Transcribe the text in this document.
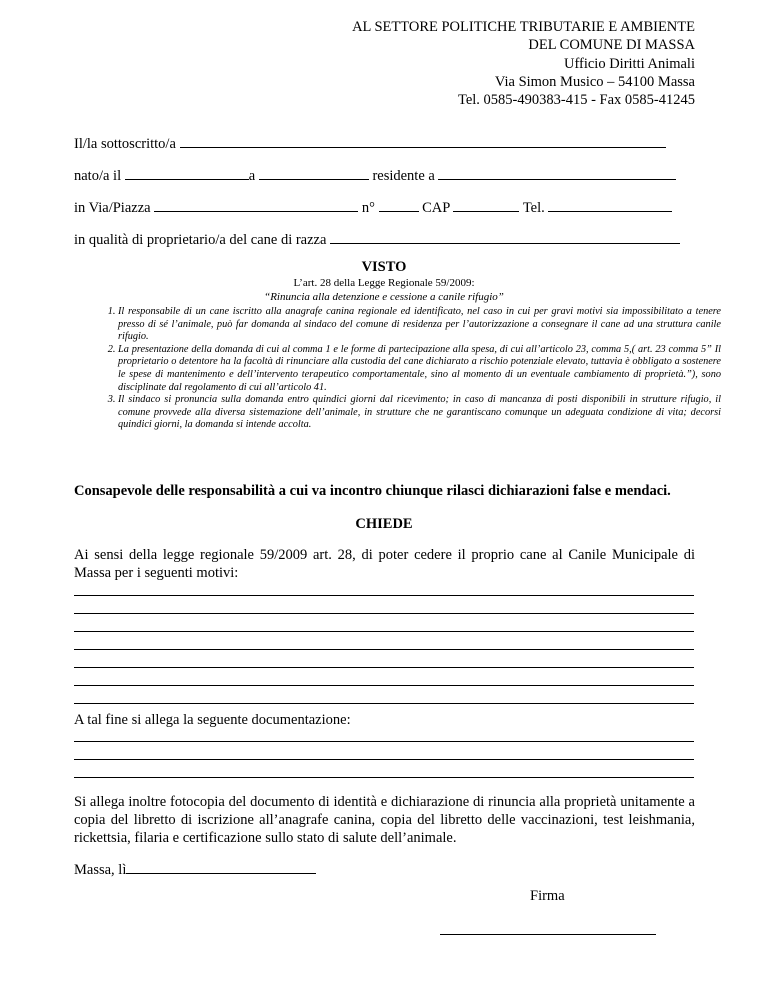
AL SETTORE POLITICHE TRIBUTARIE E AMBIENTE
DEL COMUNE DI MASSA
Ufficio Diritti Animali
Via Simon Musico – 54100 Massa
Tel. 0585-490383-415 - Fax 0585-41245
Il/la sottoscritto/a
nato/a il	a	residente a
in Via/Piazza	n°	CAP	Tel.
in qualità di proprietario/a del cane di razza
VISTO
L’art. 28 della Legge Regionale 59/2009:
“Rinuncia alla detenzione e cessione a canile rifugio”
1. Il responsabile di un cane iscritto alla anagrafe canina regionale ed identificato, nel caso in cui per gravi motivi sia impossibilitato a tenere presso di sé l’animale, può far domanda al sindaco del comune di residenza per l’autorizzazione a consegnare il cane ad una struttura canile rifugio.
2. La presentazione della domanda di cui al comma 1 e le forme di partecipazione alla spesa, di cui all’articolo 23, comma 5,( art. 23 comma 5” Il proprietario o detentore ha la facoltà di rinunciare alla custodia del cane dichiarato a rischio potenziale elevato, tuttavia è obbligato a sostenere le spese di mantenimento e dell’intervento terapeutico comportamentale, sino al momento di un eventuale cambiamento di proprietà.”), sono disciplinate dal regolamento di cui all’articolo 41.
3. Il sindaco si pronuncia sulla domanda entro quindici giorni dal ricevimento; in caso di mancanza di posti disponibili in strutture rifugio, il comune provvede alla diversa sistemazione dell’animale, in strutture che ne garantiscano comunque un adeguata condizione di vita; decorsi quindici giorni, la domanda si intende accolta.
Consapevole delle responsabilità a cui va incontro chiunque rilasci dichiarazioni false e mendaci.
CHIEDE
Ai sensi della legge regionale 59/2009 art. 28, di poter cedere il proprio cane al Canile Municipale di Massa per i seguenti motivi:
A tal fine si allega la seguente documentazione:
Si allega inoltre fotocopia del documento di identità e dichiarazione di rinuncia alla proprietà unitamente a copia del libretto di iscrizione all’anagrafe canina, copia del libretto delle vaccinazioni, test leishmania, rickettsia, filaria e certificazione sullo stato di salute dell’animale.
Massa, lì
Firma
